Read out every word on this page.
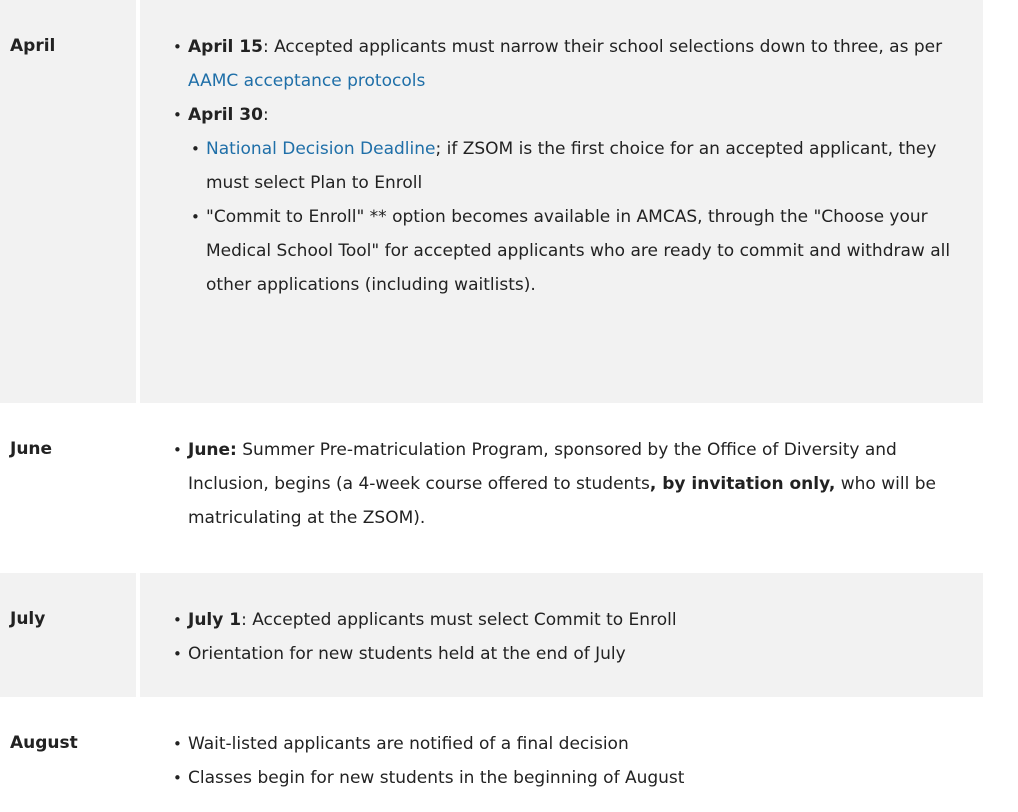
April	• April 15: Accepted applicants must narrow their school selections down to three, as per AAMC acceptance protocols
• April 30:
• National Decision Deadline; if ZSOM is the first choice for an accepted applicant, they must select Plan to Enroll
• "Commit to Enroll" ** option becomes available in AMCAS, through the "Choose your Medical School Tool" for accepted applicants who are ready to commit and withdraw all other applications (including waitlists).
June	• June: Summer Pre-matriculation Program, sponsored by the Office of Diversity and Inclusion, begins (a 4-week course offered to students, by invitation only, who will be matriculating at the ZSOM).
July	• July 1: Accepted applicants must select Commit to Enroll
• Orientation for new students held at the end of July
August	• Wait-listed applicants are notified of a final decision
• Classes begin for new students in the beginning of August
